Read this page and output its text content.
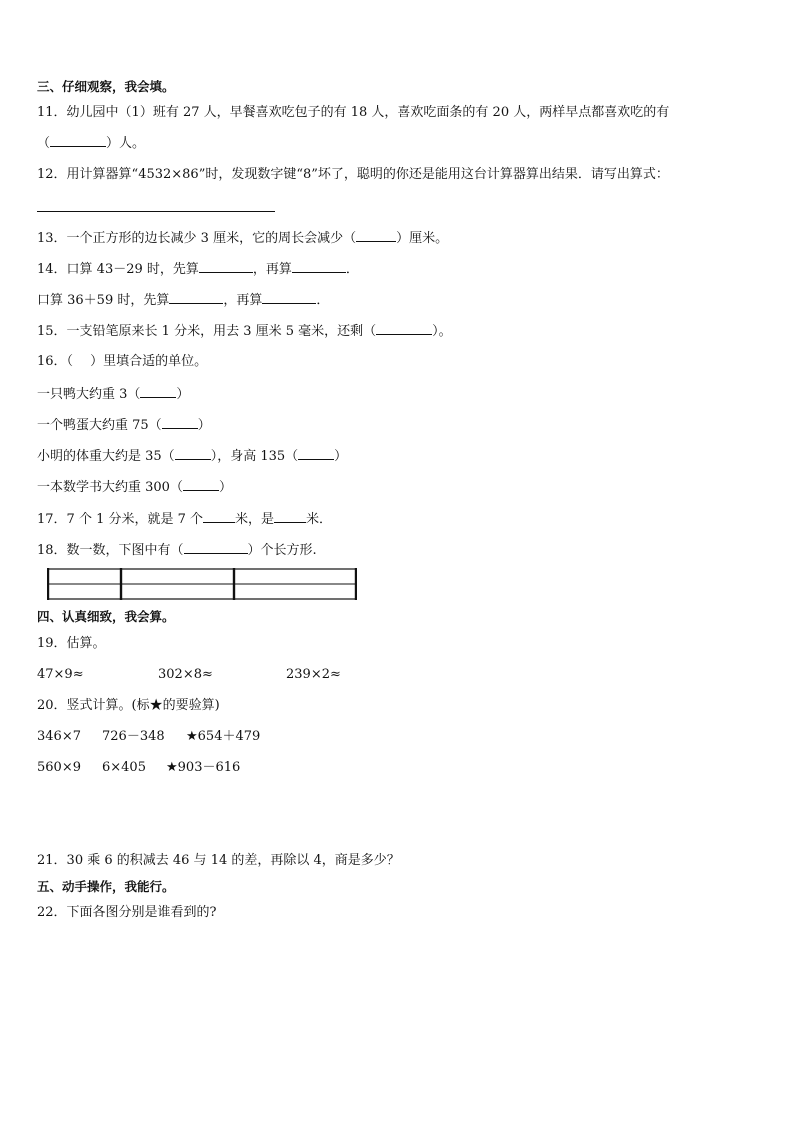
三、仔细观察，我会填。
11．幼儿园中（1）班有 27 人，早餐喜欢吃包子的有 18 人，喜欢吃面条的有 20 人，两样早点都喜欢吃的有
（	）人。
12．用计算器算“4532×86”时，发现数字键“8”坏了，聪明的你还是能用这台计算器算出结果．请写出算式：
13．一个正方形的边长减少 3 厘米，它的周长会减少（	）厘米。
14．口算 43－29 时，先算	，再算	．
口算 36＋59 时，先算	，再算	．
15．一支铅笔原来长 1 分米，用去 3 厘米 5 毫米，还剩（	）。
16．（　 ）里填合适的单位。
一只鸭大约重 3（	）
一个鸭蛋大约重 75（	）
小明的体重大约是 35（	），身高 135（	）
一本数学书大约重 300（	）
17．7 个 1 分米，就是 7 个 米，是 米．
18．数一数，下图中有（	）个长方形.
四、认真细致，我会算。
19．估算。
47×9≈	302×8≈	239×2≈
20．竖式计算。(标★的要验算)
346×7 726－348 ★654＋479
560×9 6×405 ★903－616
21．30 乘 6 的积减去 46 与 14 的差，再除以 4，商是多少？
五、动手操作，我能行。
22．下面各图分别是谁看到的?
